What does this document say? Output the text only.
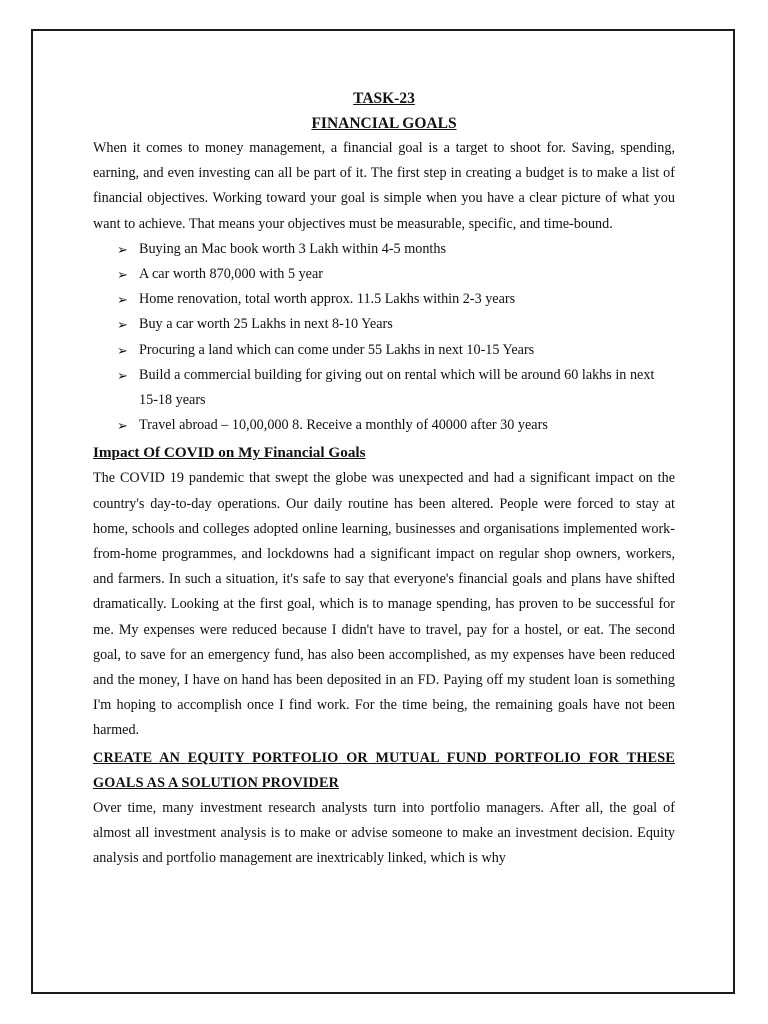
TASK-23
FINANCIAL GOALS

When it comes to money management, a financial goal is a target to shoot for. Saving, spending, earning, and even investing can all be part of it. The first step in creating a budget is to make a list of financial objectives. Working toward your goal is simple when you have a clear picture of what you want to achieve. That means your objectives must be measurable, specific, and time-bound.

➢ Buying an Mac book worth 3 Lakh within 4-5 months
➢ A car worth 870,000 with 5 year
➢ Home renovation, total worth approx. 11.5 Lakhs within 2-3 years
➢ Buy a car worth 25 Lakhs in next 8-10 Years
➢ Procuring a land which can come under 55 Lakhs in next 10-15 Years
➢ Build a commercial building for giving out on rental which will be around 60 lakhs in next 15-18 years
➢ Travel abroad – 10,00,000 8. Receive a monthly of 40000 after 30 years
Impact Of COVID on My Financial Goals

The COVID 19 pandemic that swept the globe was unexpected and had a significant impact on the country's day-to-day operations. Our daily routine has been altered. People were forced to stay at home, schools and colleges adopted online learning, businesses and organisations implemented work-from-home programmes, and lockdowns had a significant impact on regular shop owners, workers, and farmers. In such a situation, it's safe to say that everyone's financial goals and plans have shifted dramatically. Looking at the first goal, which is to manage spending, has proven to be successful for me. My expenses were reduced because I didn't have to travel, pay for a hostel, or eat. The second goal, to save for an emergency fund, has also been accomplished, as my expenses have been reduced and the money, I have on hand has been deposited in an FD. Paying off my student loan is something I'm hoping to accomplish once I find work. For the time being, the remaining goals have not been harmed.

CREATE AN EQUITY PORTFOLIO OR MUTUAL FUND PORTFOLIO FOR THESE GOALS AS A SOLUTION PROVIDER

Over time, many investment research analysts turn into portfolio managers. After all, the goal of almost all investment analysis is to make or advise someone to make an investment decision. Equity analysis and portfolio management are inextricably linked, which is why
